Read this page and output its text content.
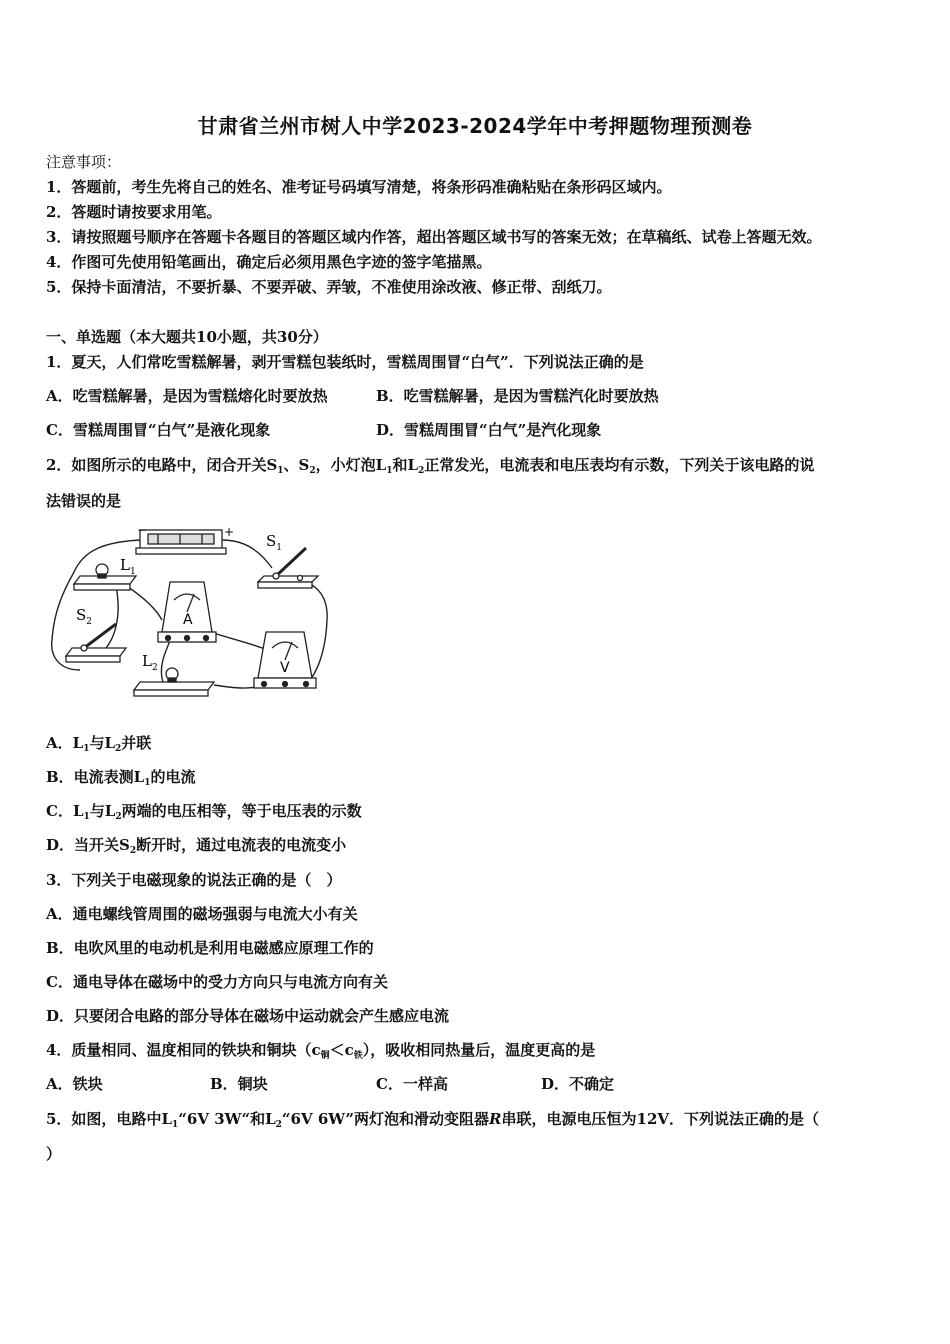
甘肃省兰州市树人中学2023-2024学年中考押题物理预测卷
注意事项：
1．答题前，考生先将自己的姓名、准考证号码填写清楚，将条形码准确粘贴在条形码区域内。
2．答题时请按要求用笔。
3．请按照题号顺序在答题卡各题目的答题区域内作答，超出答题区域书写的答案无效；在草稿纸、试卷上答题无效。
4．作图可先使用铅笔画出，确定后必须用黑色字迹的签字笔描黑。
5．保持卡面清洁，不要折暴、不要弄破、弄皱，不准使用涂改液、修正带、刮纸刀。
一、单选题（本大题共10小题，共30分）
1．夏天，人们常吃雪糕解暑，剥开雪糕包装纸时，雪糕周围冒“白气”．下列说法正确的是
A．吃雪糕解暑，是因为雪糕熔化时要放热	B．吃雪糕解暑，是因为雪糕汽化时要放热
C．雪糕周围冒“白气”是液化现象	D．雪糕周围冒“白气”是汽化现象
2．如图所示的电路中，闭合开关$S_1$、$S_2$，小灯泡$L_1$和$L_2$正常发光，电流表和电压表均有示数，下列关于该电路的说
法错误的是
−	+ $S_1$
$L_1$
A
$S_2$
$L_2$	V
A．$L_1$与$L_2$并联
B．电流表测$L_1$的电流
C．$L_1$与$L_2$两端的电压相等，等于电压表的示数
D．当开关$S_2$断开时，通过电流表的电流变小
3．下列关于电磁现象的说法正确的是（　）
A．通电螺线管周围的磁场强弱与电流大小有关
B．电吹风里的电动机是利用电磁感应原理工作的
C．通电导体在磁场中的受力方向只与电流方向有关
D．只要闭合电路的部分导体在磁场中运动就会产生感应电流
4．质量相同、温度相同的铁块和铜块$(c_铜<c_铁)$，吸收相同热量后，温度更高的是
A．铁块	B．铜块	C．一样高	D．不确定
5．如图，电路中$L_1“6V$ 3W“和$L_2“6V$ 6W”两灯泡和滑动变阻器R串联，电源电压恒为12V．下列说法正确的是（
）
